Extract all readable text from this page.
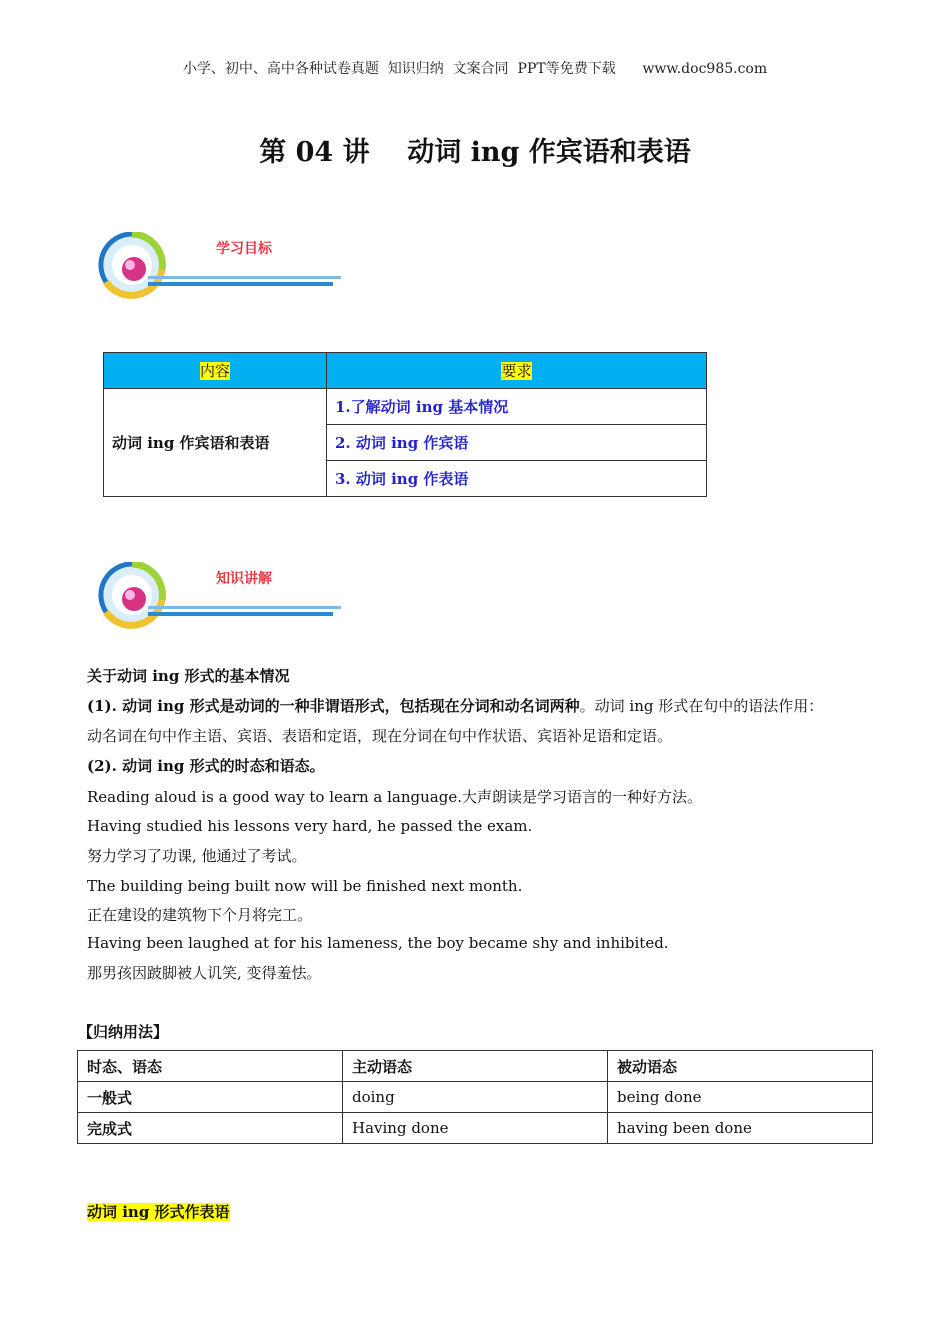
小学、初中、高中各种试卷真题  知识归纳  文案合同  PPT等免费下载      www.doc985.com
第 04 讲    动词 ing 作宾语和表语
学习目标
内容	要求
动词 ing 作宾语和表语	1.了解动词 ing 基本情况
	2. 动词 ing 作宾语
	3. 动词 ing 作表语
知识讲解
关于动词 ing 形式的基本情况
(1). 动词 ing 形式是动词的一种非谓语形式，包括现在分词和动名词两种。动词 ing 形式在句中的语法作用：
动名词在句中作主语、宾语、表语和定语，现在分词在句中作状语、宾语补足语和定语。
(2). 动词 ing 形式的时态和语态。
Reading aloud is a good way to learn a language.大声朗读是学习语言的一种好方法。
Having studied his lessons very hard, he passed the exam.
努力学习了功课, 他通过了考试。
The building being built now will be finished next month.
正在建设的建筑物下个月将完工。
Having been laughed at for his lameness, the boy became shy and inhibited.
那男孩因跛脚被人讥笑, 变得羞怯。
【归纳用法】
时态、语态	主动语态	被动语态
一般式	doing	being done
完成式	Having done	having been done
动词 ing 形式作表语
